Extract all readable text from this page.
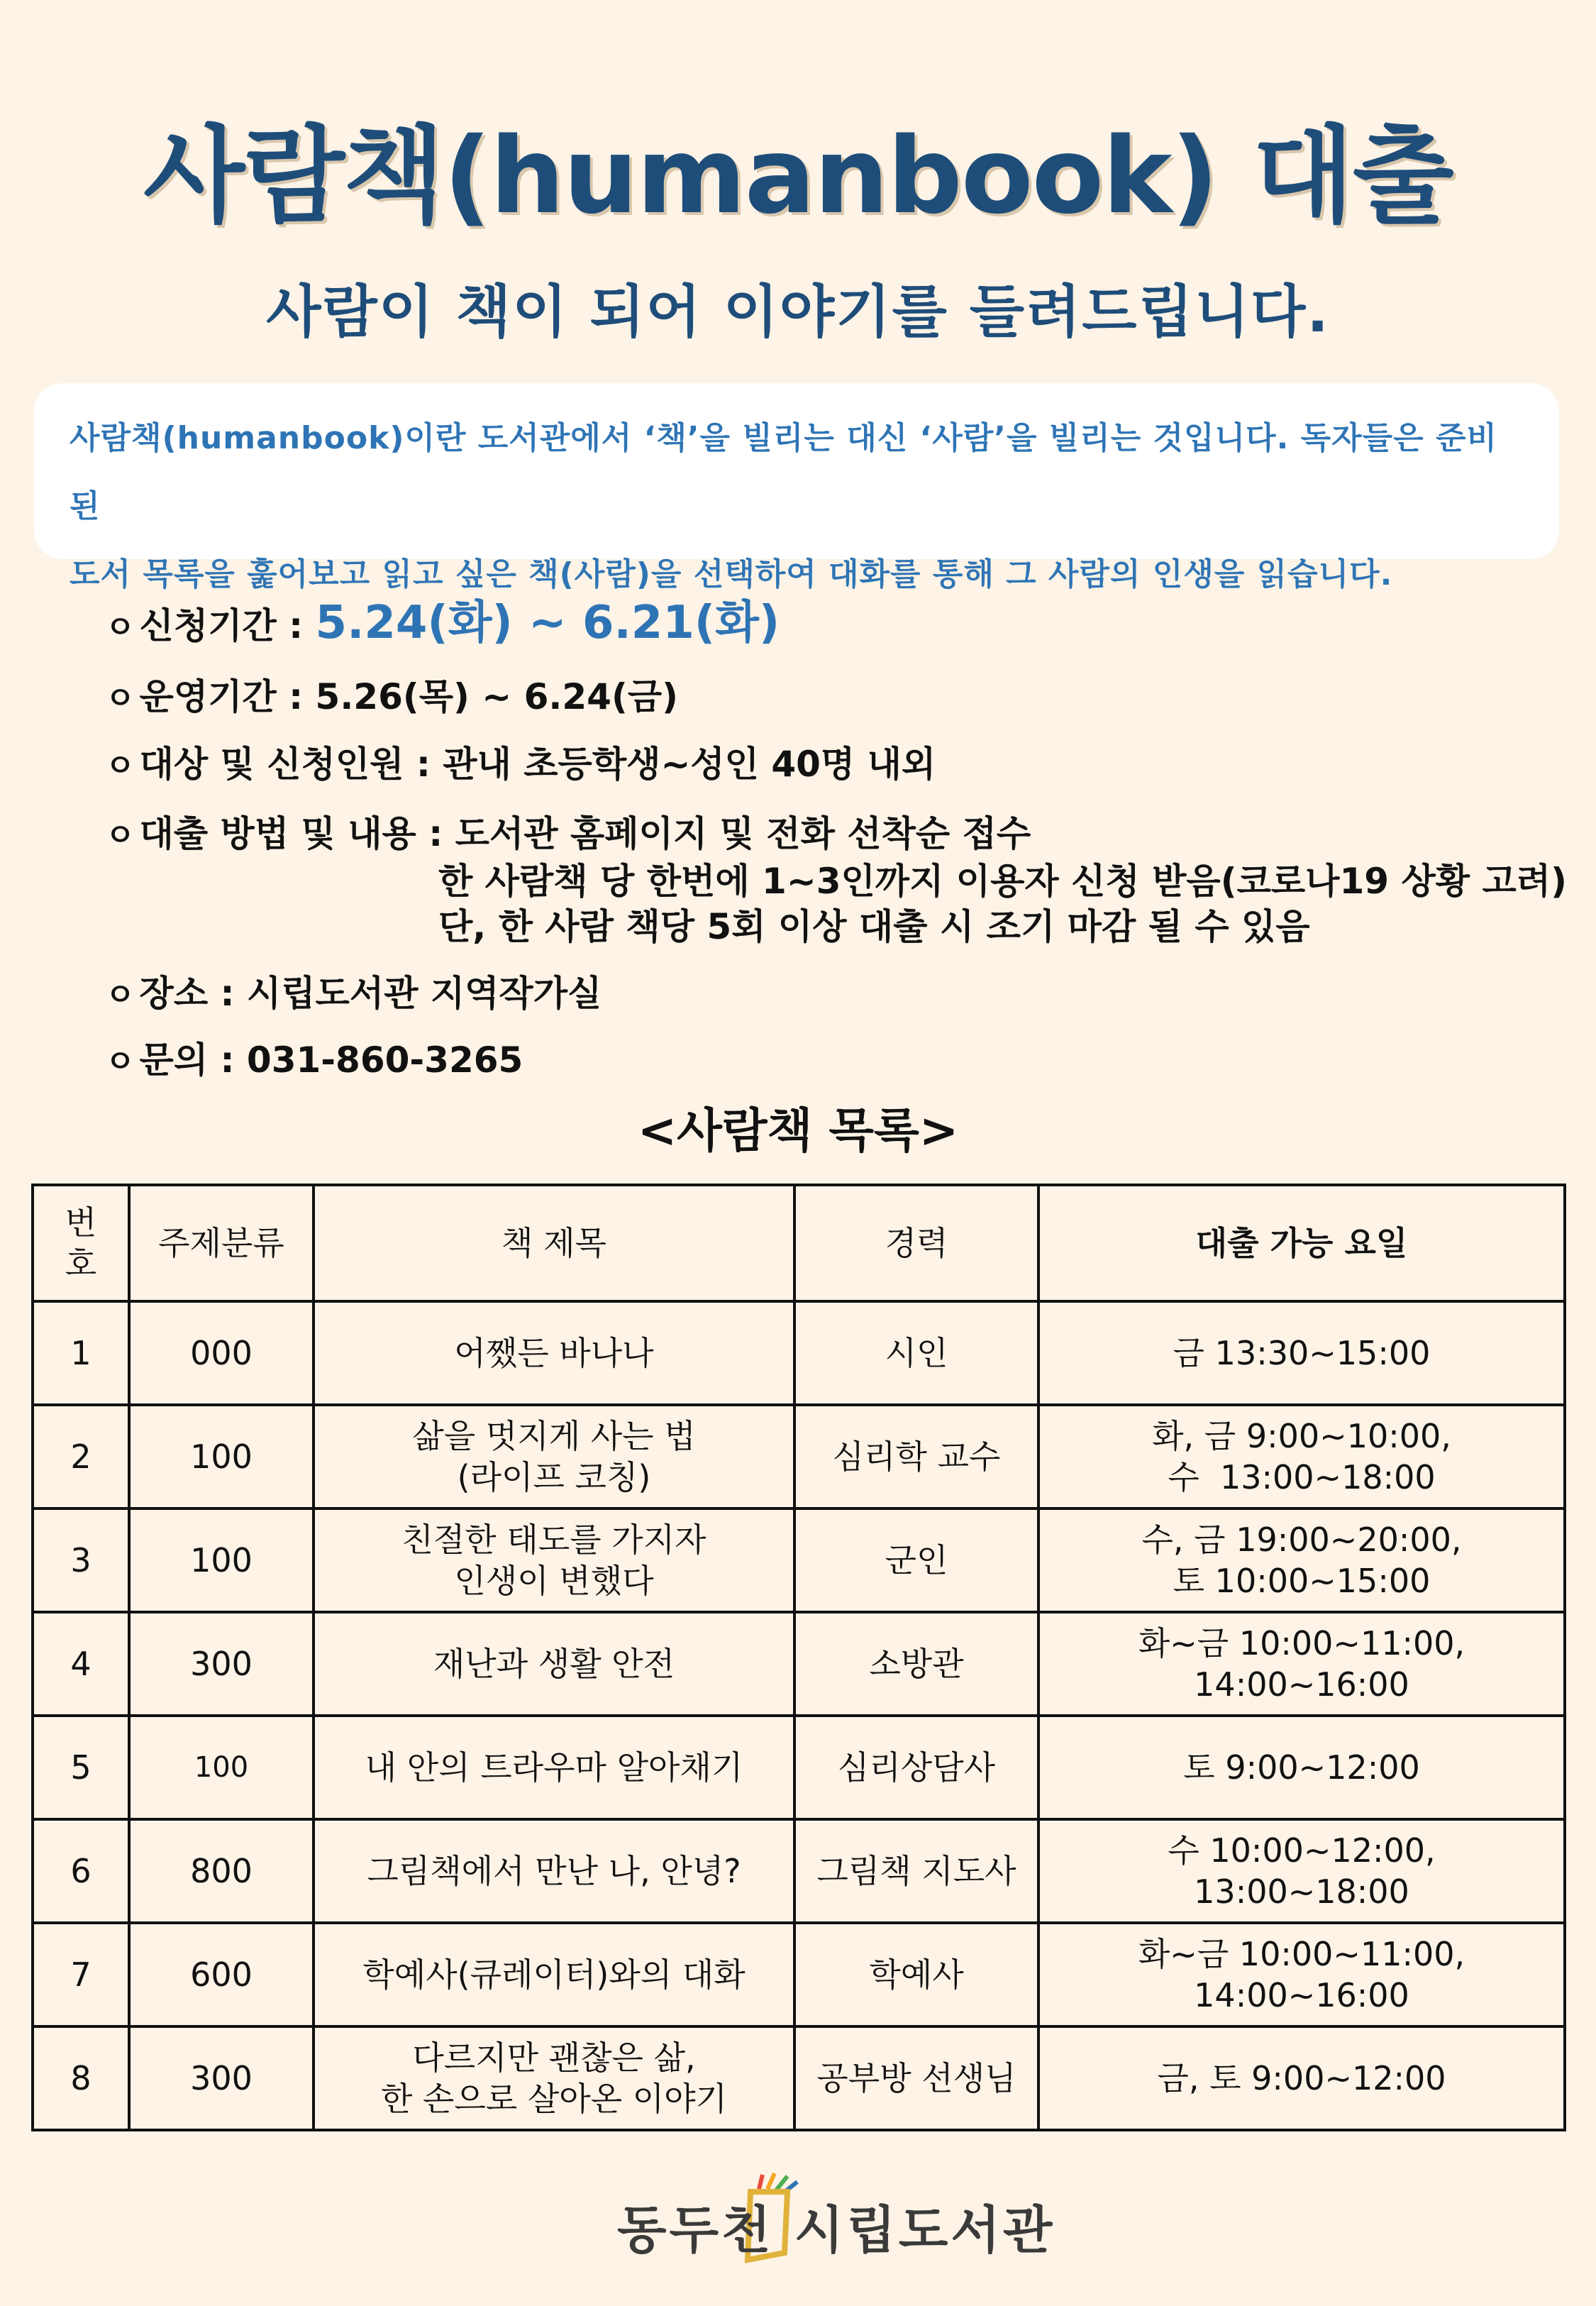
사람책(humanbook) 대출
사람이 책이 되어 이야기를 들려드립니다.

사람책(humanbook)이란 도서관에서 ‘책’을 빌리는 대신 ‘사람’을 빌리는 것입니다. 독자들은 준비된

도서 목록을 훑어보고 읽고 싶은 책(사람)을 선택하여 대화를 통해 그 사람의 인생을 읽습니다.

ㅇ 신청기간 : 5.24(화) ~ 6.21(화)
ㅇ 운영기간 : 5.26(목) ~ 6.24(금)
ㅇ 대상 및 신청인원 : 관내 초등학생~성인 40명 내외
ㅇ 대출 방법 및 내용 : 도서관 홈페이지 및 전화 선착순 접수
한 사람책 당 한번에 1~3인까지 이용자 신청 받음(코로나19 상황 고려)
단, 한 사람 책당 5회 이상 대출 시 조기 마감 될 수 있음
ㅇ 장소 : 시립도서관 지역작가실
ㅇ 문의 : 031-860-3265
<사람책 목록>
번
호	주제분류	책 제목	경력	대출 가능 요일
1	000	어쨌든 바나나	시인	금 13:30~15:00
2	100	삶을 멋지게 사는 법
(라이프 코칭)	심리학 교수	화, 금 9:00~10:00,
수  13:00~18:00
3	100	친절한 태도를 가지자
인생이 변했다	군인	수, 금 19:00~20:00,
토 10:00~15:00
4	300	재난과 생활 안전	소방관	화~금 10:00~11:00,
14:00~16:00
5	100	내 안의 트라우마 알아채기	심리상담사	토 9:00~12:00
6	800	그림책에서 만난 나, 안녕?	그림책 지도사	수 10:00~12:00,
13:00~18:00
7	600	학예사(큐레이터)와의 대화	학예사	화~금 10:00~11:00,
14:00~16:00
8	300	다르지만 괜찮은 삶,
한 손으로 살아온 이야기	공부방 선생님	금, 토 9:00~12:00
동두천 시립도서관
